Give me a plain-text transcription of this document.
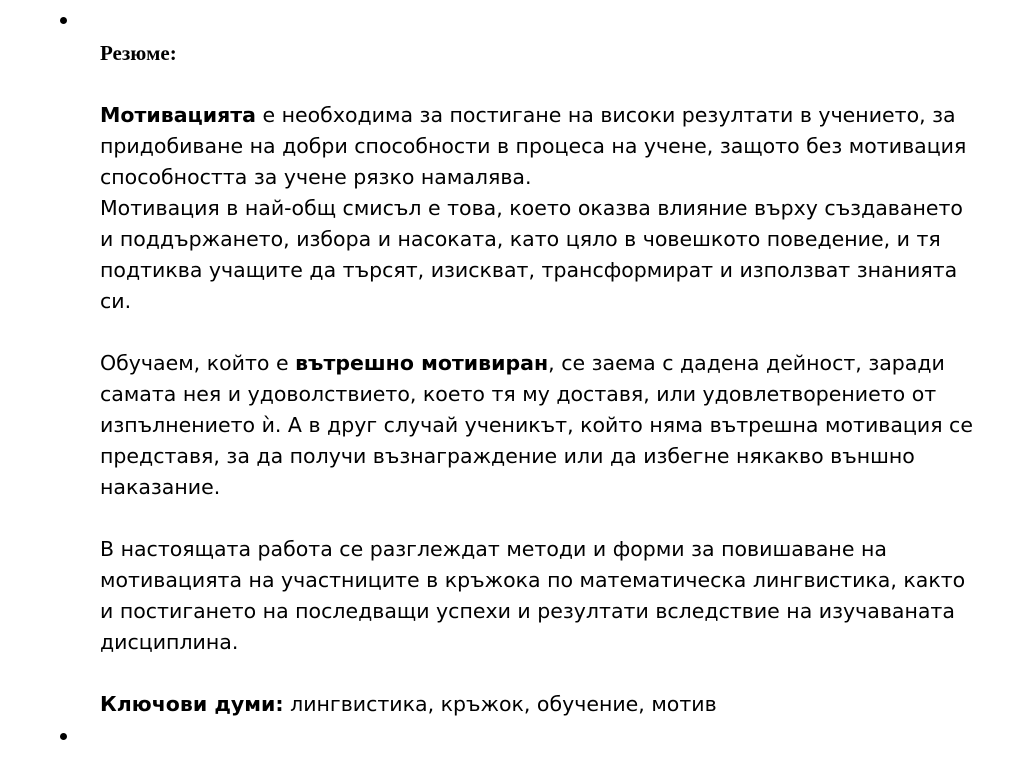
Резюме:

Мотивацията е необходима за постигане на високи резултати в учението, за придобиване на добри способности в процеса на учене, защото без мотивация способността за учене рязко намалява.

Мотивация в най-общ смисъл е това, което оказва влияние върху създаването и поддържането, избора и насоката, като цяло в човешкото поведение, и тя подтиква учащите да търсят, изискват, трансформират и използват знанията си.

Обучаем, който е вътрешно мотивиран, се заема с дадена дейност, заради самата нея и удоволствието, което тя му доставя, или удовлетворението от изпълнението ѝ. А в друг случай ученикът, който няма вътрешна мотивация се представя, за да получи възнаграждение или да избегне някакво външно наказание.

В настоящата работа се разглеждат методи и форми за повишаване на мотивацията на участниците в кръжока по математическа лингвистика, както и постигането на последващи успехи и резултати вследствие на изучаваната дисциплина.

Ключови думи: лингвистика, кръжок, обучение, мотив
